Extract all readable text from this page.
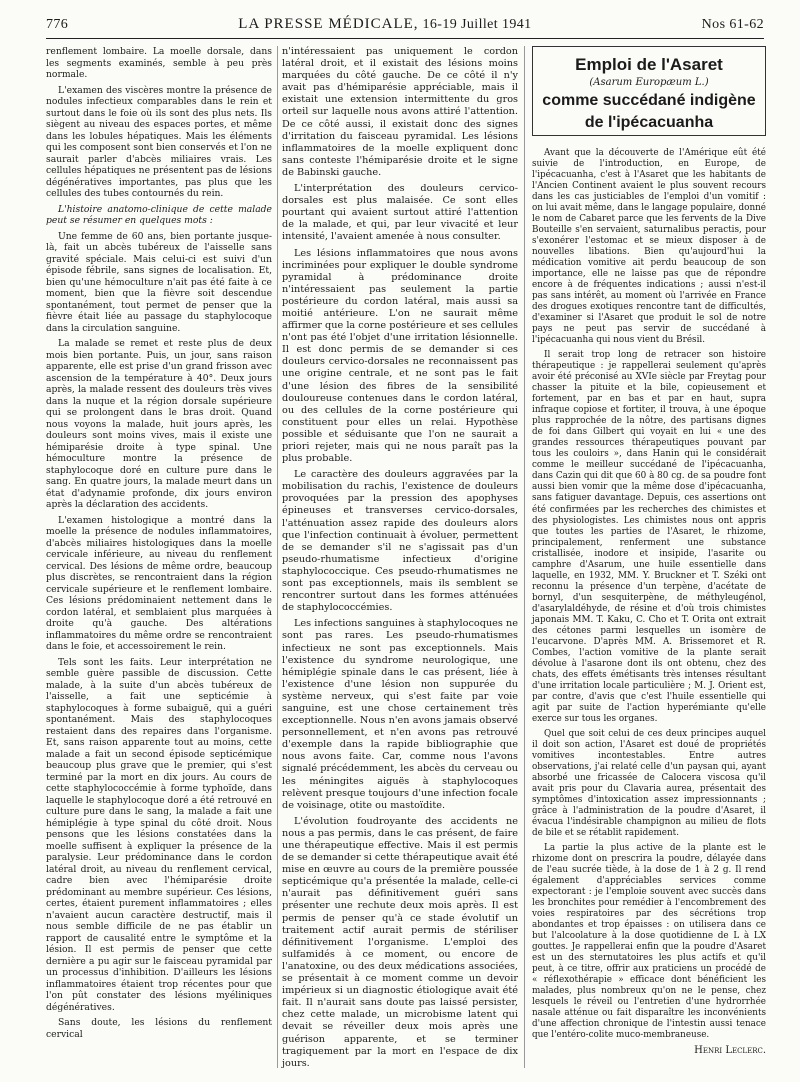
776	LA PRESSE MÉDICALE, 16-19 Juillet 1941	Nos 61-62

renflement lombaire. La moelle dorsale, dans les segments examinés, semble à peu près normale.

L'examen des viscères montre la présence de nodules infectieux comparables dans le rein et surtout dans le foie où ils sont des plus nets. Ils siègent au niveau des espaces portes, et même dans les lobules hépatiques. Mais les éléments qui les composent sont bien conservés et l'on ne saurait parler d'abcès miliaires vrais. Les cellules hépatiques ne présentent pas de lésions dégénératives importantes, pas plus que les cellules des tubes contournés du rein.

L'histoire anatomo-clinique de cette malade peut se résumer en quelques mots :

Une femme de 60 ans, bien portante jusque-là, fait un abcès tubéreux de l'aisselle sans gravité spéciale. Mais celui-ci est suivi d'un épisode fébrile, sans signes de localisation. Et, bien qu'une hémoculture n'ait pas été faite à ce moment, bien que la fièvre soit descendue spontanément, tout permet de penser que la fièvre était liée au passage du staphylocoque dans la circulation sanguine.

La malade se remet et reste plus de deux mois bien portante. Puis, un jour, sans raison apparente, elle est prise d'un grand frisson avec ascension de la température à 40°. Deux jours après, la malade ressent des douleurs très vives dans la nuque et la région dorsale supérieure qui se prolongent dans le bras droit. Quand nous voyons la malade, huit jours après, les douleurs sont moins vives, mais il existe une hémiparésie droite à type spinal. Une hémoculture montre la présence de staphylocoque doré en culture pure dans le sang. En quatre jours, la malade meurt dans un état d'adynamie profonde, dix jours environ après la déclaration des accidents.

L'examen histologique a montré dans la moelle la présence de nodules inflammatoires, d'abcès miliaires histologiques dans la moelle cervicale inférieure, au niveau du renflement cervical. Des lésions de même ordre, beaucoup plus discrètes, se rencontraient dans la région cervicale supérieure et le renflement lombaire. Ces lésions prédominaient nettement dans le cordon latéral, et semblaient plus marquées à droite qu'à gauche. Des altérations inflammatoires du même ordre se rencontraient dans le foie, et accessoirement le rein.

Tels sont les faits. Leur interprétation ne semble guère passible de discussion. Cette malade, à la suite d'un abcès tubéreux de l'aisselle, a fait une septicémie à staphylocoques à forme subaiguë, qui a guéri spontanément. Mais des staphylocoques restaient dans des repaires dans l'organisme. Et, sans raison apparente tout au moins, cette malade a fait un second épisode septicémique beaucoup plus grave que le premier, qui s'est terminé par la mort en dix jours. Au cours de cette staphylococcémie à forme typhoïde, dans laquelle le staphylocoque doré a été retrouvé en culture pure dans le sang, la malade a fait une hémiplégie à type spinal du côté droit. Nous pensons que les lésions constatées dans la moelle suffisent à expliquer la présence de la paralysie. Leur prédominance dans le cordon latéral droit, au niveau du renflement cervical, cadre bien avec l'hémiparésie droite prédominant au membre supérieur. Ces lésions, certes, étaient purement inflammatoires ; elles n'avaient aucun caractère destructif, mais il nous semble difficile de ne pas établir un rapport de causalité entre le symptôme et la lésion. Il est permis de penser que cette dernière a pu agir sur le faisceau pyramidal par un processus d'inhibition. D'ailleurs les lésions inflammatoires étaient trop récentes pour que l'on pût constater des lésions myéliniques dégénératives.

Sans doute, les lésions du renflement cervical

n'intéressaient pas uniquement le cordon latéral droit, et il existait des lésions moins marquées du côté gauche. De ce côté il n'y avait pas d'hémiparésie appréciable, mais il existait une extension intermittente du gros orteil sur laquelle nous avons attiré l'attention. De ce côté aussi, il existait donc des signes d'irritation du faisceau pyramidal. Les lésions inflammatoires de la moelle expliquent donc sans conteste l'hémiparésie droite et le signe de Babinski gauche.

L'interprétation des douleurs cervico-dorsales est plus malaisée. Ce sont elles pourtant qui avaient surtout attiré l'attention de la malade, et qui, par leur vivacité et leur intensité, l'avaient amenée à nous consulter.

Les lésions inflammatoires que nous avons incriminées pour expliquer le double syndrome pyramidal à prédominance droite n'intéressaient pas seulement la partie postérieure du cordon latéral, mais aussi sa moitié antérieure. L'on ne saurait même affirmer que la corne postérieure et ses cellules n'ont pas été l'objet d'une irritation lésionnelle. Il est donc permis de se demander si ces douleurs cervico-dorsales ne reconnaissent pas une origine centrale, et ne sont pas le fait d'une lésion des fibres de la sensibilité douloureuse contenues dans le cordon latéral, ou des cellules de la corne postérieure qui constituent pour elles un relai. Hypothèse possible et séduisante que l'on ne saurait a priori rejeter, mais qui ne nous paraît pas la plus probable.

Le caractère des douleurs aggravées par la mobilisation du rachis, l'existence de douleurs provoquées par la pression des apophyses épineuses et transverses cervico-dorsales, l'atténuation assez rapide des douleurs alors que l'infection continuait à évoluer, permettent de se demander s'il ne s'agissait pas d'un pseudo-rhumatisme infectieux d'origine staphylococcique. Ces pseudo-rhumatismes ne sont pas exceptionnels, mais ils semblent se rencontrer surtout dans les formes atténuées de staphylococcémies.

Les infections sanguines à staphylocoques ne sont pas rares. Les pseudo-rhumatismes infectieux ne sont pas exceptionnels. Mais l'existence du syndrome neurologique, une hémiplégie spinale dans le cas présent, liée à l'existence d'une lésion non suppurée du système nerveux, qui s'est faite par voie sanguine, est une chose certainement très exceptionnelle. Nous n'en avons jamais observé personnellement, et n'en avons pas retrouvé d'exemple dans la rapide bibliographie que nous avons faite. Car, comme nous l'avons signalé précédemment, les abcès du cerveau ou les méningites aiguës à staphylocoques relèvent presque toujours d'une infection focale de voisinage, otite ou mastoïdite.

L'évolution foudroyante des accidents ne nous a pas permis, dans le cas présent, de faire une thérapeutique effective. Mais il est permis de se demander si cette thérapeutique avait été mise en œuvre au cours de la première poussée septicémique qu'a présentée la malade, celle-ci n'aurait pas définitivement guéri sans présenter une rechute deux mois après. Il est permis de penser qu'à ce stade évolutif un traitement actif aurait permis de stériliser définitivement l'organisme. L'emploi des sulfamidés à ce moment, ou encore de l'anatoxine, ou des deux médications associées, se présentait à ce moment comme un devoir impérieux si un diagnostic étiologique avait été fait. Il n'aurait sans doute pas laissé persister, chez cette malade, un microbisme latent qui devait se réveiller deux mois après une guérison apparente, et se terminer tragiquement par la mort en l'espace de dix jours.

Emploi de l'Asaret
(Asarum Europæum L.)
comme succédané indigène
de l'ipécacuanha

Avant que la découverte de l'Amérique eût été suivie de l'introduction, en Europe, de l'ipécacuanha, c'est à l'Asaret que les habitants de l'Ancien Continent avaient le plus souvent recours dans les cas justiciables de l'emploi d'un vomitif : on lui avait même, dans le langage populaire, donné le nom de Cabaret parce que les fervents de la Dive Bouteille s'en servaient, saturnalibus peractis, pour s'exonérer l'estomac et se mieux disposer à de nouvelles libations. Bien qu'aujourd'hui la médication vomitive ait perdu beaucoup de son importance, elle ne laisse pas que de répondre encore à de fréquentes indications ; aussi n'est-il pas sans intérêt, au moment où l'arrivée en France des drogues exotiques rencontre tant de difficultés, d'examiner si l'Asaret que produit le sol de notre pays ne peut pas servir de succédané à l'ipécacuanha qui nous vient du Brésil.

Il serait trop long de retracer son histoire thérapeutique : je rappellerai seulement qu'après avoir été préconisé au XVIe siècle par Freytag pour chasser la pituite et la bile, copieusement et fortement, par en bas et par en haut, supra infraque copiose et fortiter, il trouva, à une époque plus rapprochée de la nôtre, des partisans dignes de foi dans Gilbert qui voyait en lui « une des grandes ressources thérapeutiques pouvant par tous les couloirs », dans Hanin qui le considérait comme le meilleur succédané de l'ipécacuanha, dans Cazin qui dit que 60 à 80 cg. de sa poudre font aussi bien vomir que la même dose d'ipécacuanha, sans fatiguer davantage. Depuis, ces assertions ont été confirmées par les recherches des chimistes et des physiologistes. Les chimistes nous ont appris que toutes les parties de l'Asaret, le rhizome, principalement, renferment une substance cristallisée, inodore et insipide, l'asarite ou camphre d'Asarum, une huile essentielle dans laquelle, en 1932, MM. Y. Bruckner et T. Széki ont reconnu la présence d'un terpène, d'acétate de bornyl, d'un sesquiterpène, de méthyleugénol, d'asarylaldéhyde, de résine et d'où trois chimistes japonais MM. T. Kaku, C. Cho et T. Orita ont extrait des cétones parmi lesquelles un isomère de l'eucarvone. D'après MM. A. Brissemoret et R. Combes, l'action vomitive de la plante serait dévolue à l'asarone dont ils ont obtenu, chez des chats, des effets émétisants très intenses résultant d'une irritation locale particulière ; M. J. Orient est, par contre, d'avis que c'est l'huile essentielle qui agit par suite de l'action hyperémiante qu'elle exerce sur tous les organes.

Quel que soit celui de ces deux principes auquel il doit son action, l'Asaret est doué de propriétés vomitives incontestables. Entre autres observations, j'ai relaté celle d'un paysan qui, ayant absorbé une fricassée de Calocera viscosa qu'il avait pris pour du Clavaria aurea, présentait des symptômes d'intoxication assez impressionnants ; grâce à l'administration de la poudre d'Asaret, il évacua l'indésirable champignon au milieu de flots de bile et se rétablit rapidement.

La partie la plus active de la plante est le rhizome dont on prescrira la poudre, délayée dans de l'eau sucrée tiède, à la dose de 1 à 2 g. Il rend également d'appréciables services comme expectorant : je l'emploie souvent avec succès dans les bronchites pour remédier à l'encombrement des voies respiratoires par des sécrétions trop abondantes et trop épaisses : on utilisera dans ce but l'alcoolature à la dose quotidienne de L à LX gouttes. Je rappellerai enfin que la poudre d'Asaret est un des sternutatoires les plus actifs et qu'il peut, à ce titre, offrir aux praticiens un procédé de « réflexothérapie » efficace dont bénéficient les malades, plus nombreux qu'on ne le pense, chez lesquels le réveil ou l'entretien d'une hydrorrhée nasale atténue ou fait disparaître les inconvénients d'une affection chronique de l'intestin aussi tenace que l'entéro-colite muco-membraneuse.

Henri Leclerc.
